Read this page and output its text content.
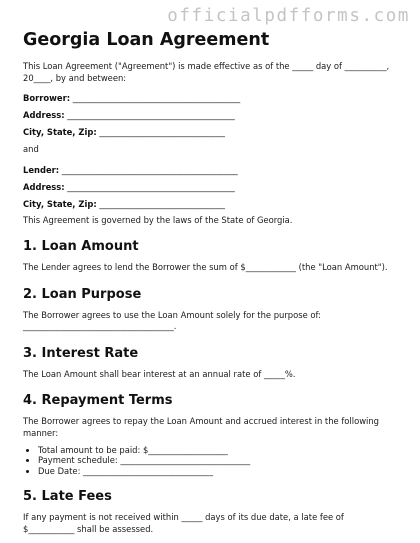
officialpdfforms.com
Georgia Loan Agreement

This Loan Agreement ("Agreement") is made effective as of the _____ day of __________, 20____, by and between:

Borrower: ________________________________________
Address: ________________________________________
City, State, Zip: ______________________________

and

Lender: __________________________________________
Address: ________________________________________
City, State, Zip: ______________________________

This Agreement is governed by the laws of the State of Georgia.

1. Loan Amount

The Lender agrees to lend the Borrower the sum of $____________ (the "Loan Amount").

2. Loan Purpose

The Borrower agrees to use the Loan Amount solely for the purpose of: ____________________________________.

3. Interest Rate

The Loan Amount shall bear interest at an annual rate of _____%.

4. Repayment Terms

The Borrower agrees to repay the Loan Amount and accrued interest in the following manner:

• Total amount to be paid: $___________________
• Payment schedule: _______________________________
• Due Date: _______________________________
5. Late Fees

If any payment is not received within _____ days of its due date, a late fee of $___________ shall be assessed.
